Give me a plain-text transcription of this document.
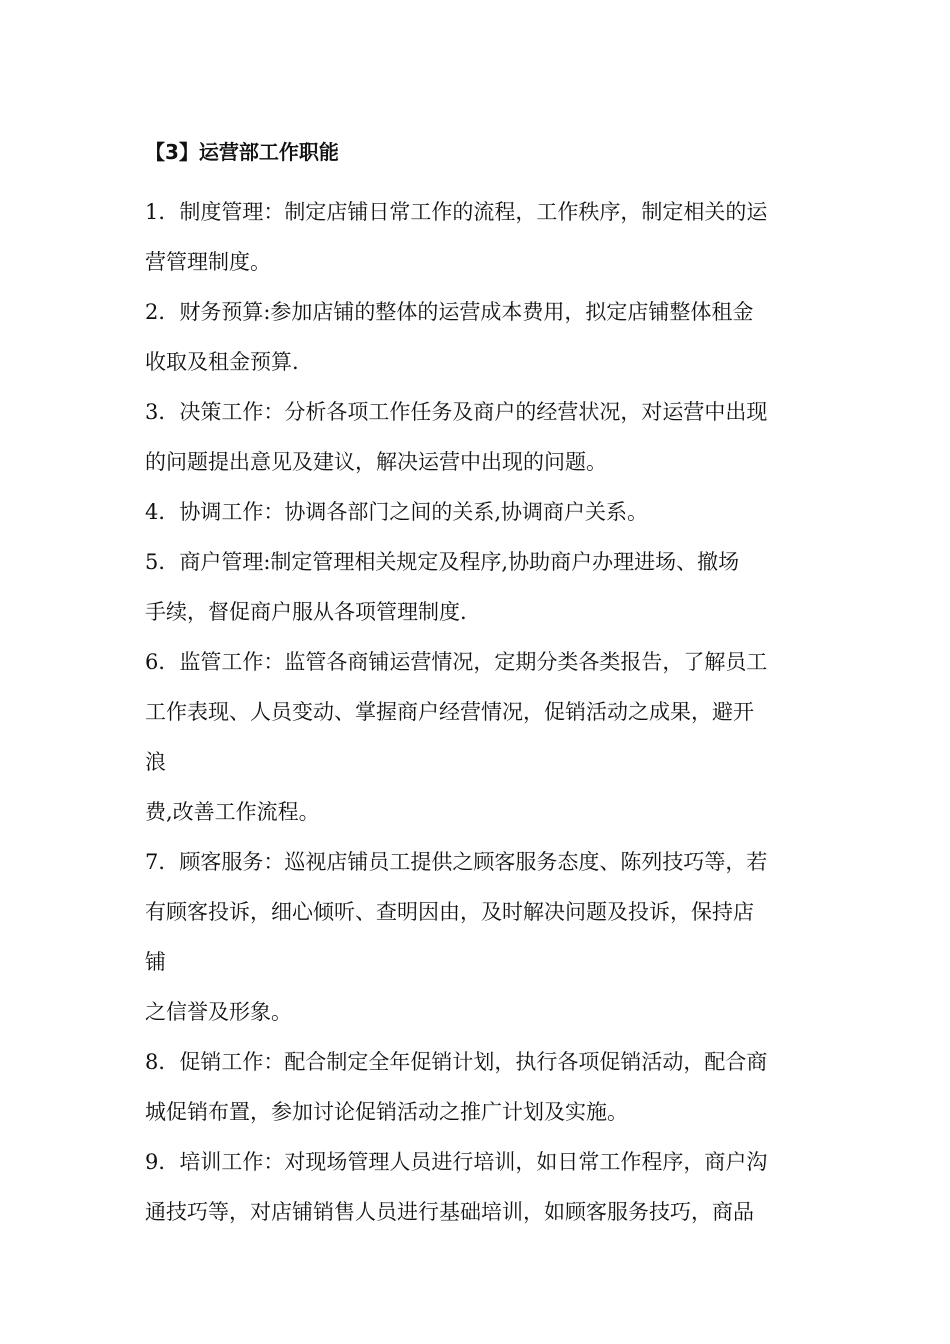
【3】运营部工作职能
1．制度管理：制定店铺日常工作的流程，工作秩序，制定相关的运
营管理制度。
2．财务预算:参加店铺的整体的运营成本费用，拟定店铺整体租金
收取及租金预算.
3．决策工作：分析各项工作任务及商户的经营状况，对运营中出现
的问题提出意见及建议，解决运营中出现的问题。
4．协调工作：协调各部门之间的关系,协调商户关系。
5．商户管理:制定管理相关规定及程序,协助商户办理进场、撤场
手续，督促商户服从各项管理制度.
6．监管工作：监管各商铺运营情况，定期分类各类报告，了解员工
工作表现、人员变动、掌握商户经营情况，促销活动之成果，避开
浪
费,改善工作流程。
7．顾客服务：巡视店铺员工提供之顾客服务态度、陈列技巧等，若
有顾客投诉，细心倾听、查明因由，及时解决问题及投诉，保持店
铺
之信誉及形象。
8．促销工作：配合制定全年促销计划，执行各项促销活动，配合商
城促销布置，参加讨论促销活动之推广计划及实施。
9．培训工作：对现场管理人员进行培训，如日常工作程序，商户沟
通技巧等，对店铺销售人员进行基础培训，如顾客服务技巧，商品
